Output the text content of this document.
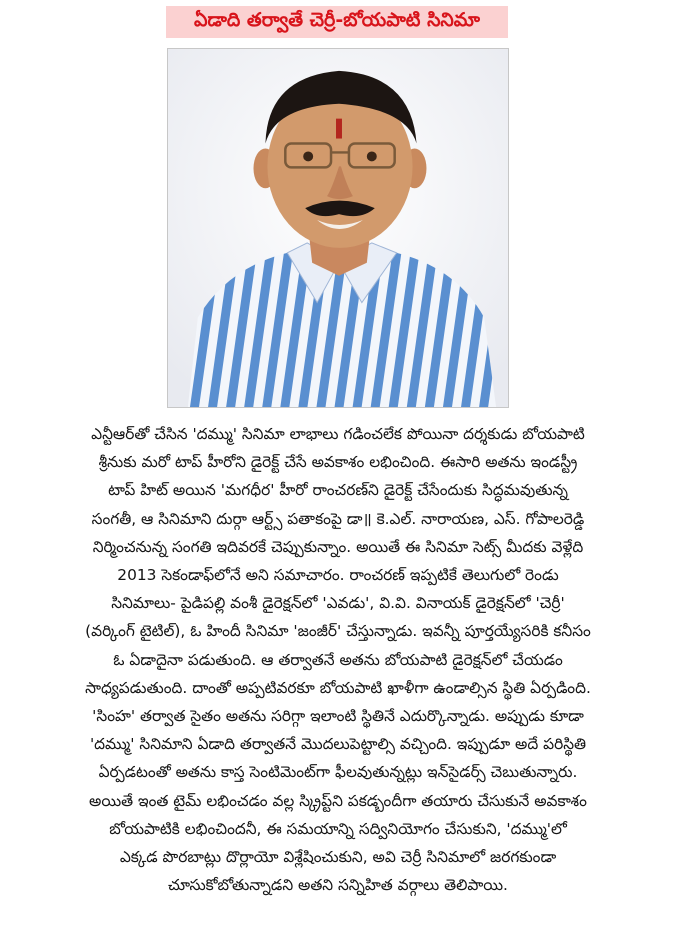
ఏడాది తర్వాతే చెర్రీ-బోయపాటి సినిమా
ఎన్టీఆర్‌తో చేసిన 'దమ్ము' సినిమా లాభాలు గడించలేక పోయినా దర్శకుడు బోయపాటి
శ్రీనుకు మరో టాప్ హీరోని డైరెక్ట్ చేసే అవకాశం లభించింది. ఈసారి అతను ఇండస్ట్రీ
టాప్ హిట్ అయిన 'మగధీర' హీరో రాంచరణ్‌ని డైరెక్ట్ చేసేందుకు సిద్ధమవుతున్న
సంగతీ, ఆ సినిమాని దుర్గా ఆర్ట్స్ పతాకంపై డా॥ కె.ఎల్. నారాయణ, ఎస్. గోపాలరెడ్డి
నిర్మించనున్న సంగతి ఇదివరకే చెప్పుకున్నాం. అయితే ఈ సినిమా సెట్స్ మీదకు వెళ్లేది
2013 సెకండాఫ్‌లోనే అని సమాచారం. రాంచరణ్ ఇప్పటికే తెలుగులో రెండు
సినిమాలు- పైడిపల్లి వంశీ డైరెక్షన్‌లో 'ఎవడు', వి.వి. వినాయక్ డైరెక్షన్‌లో 'చెర్రీ'
(వర్కింగ్ టైటిల్), ఓ హిందీ సినిమా 'జంజీర్' చేస్తున్నాడు. ఇవన్నీ పూర్తయ్యేసరికి కనీసం
ఓ ఏడాదైనా పడుతుంది. ఆ తర్వాతనే అతను బోయపాటి డైరెక్షన్‌లో చేయడం
సాధ్యపడుతుంది. దాంతో అప్పటివరకూ బోయపాటి ఖాళీగా ఉండాల్సిన స్థితి ఏర్పడింది.
'సింహ' తర్వాత సైతం అతను సరిగ్గా ఇలాంటి స్థితినే ఎదుర్కొన్నాడు. అప్పుడు కూడా
'దమ్ము' సినిమాని ఏడాది తర్వాతనే మొదలుపెట్టాల్సి వచ్చింది. ఇప్పుడూ అదే పరిస్థితి
ఏర్పడటంతో అతను కాస్త సెంటిమెంట్‌గా ఫీలవుతున్నట్లు ఇన్‌సైడర్స్ చెబుతున్నారు.
అయితే ఇంత టైమ్ లభించడం వల్ల స్క్రిప్ట్‌ని పకడ్బందీగా తయారు చేసుకునే అవకాశం
బోయపాటికి లభించిందనీ, ఈ సమయాన్ని సద్వినియోగం చేసుకుని, 'దమ్ము'లో
ఎక్కడ పొరబాట్లు దొర్లాయో విశ్లేషించుకుని, అవి చెర్రీ సినిమాలో జరగకుండా
చూసుకోబోతున్నాడని అతని సన్నిహిత వర్గాలు తెలిపాయి.
